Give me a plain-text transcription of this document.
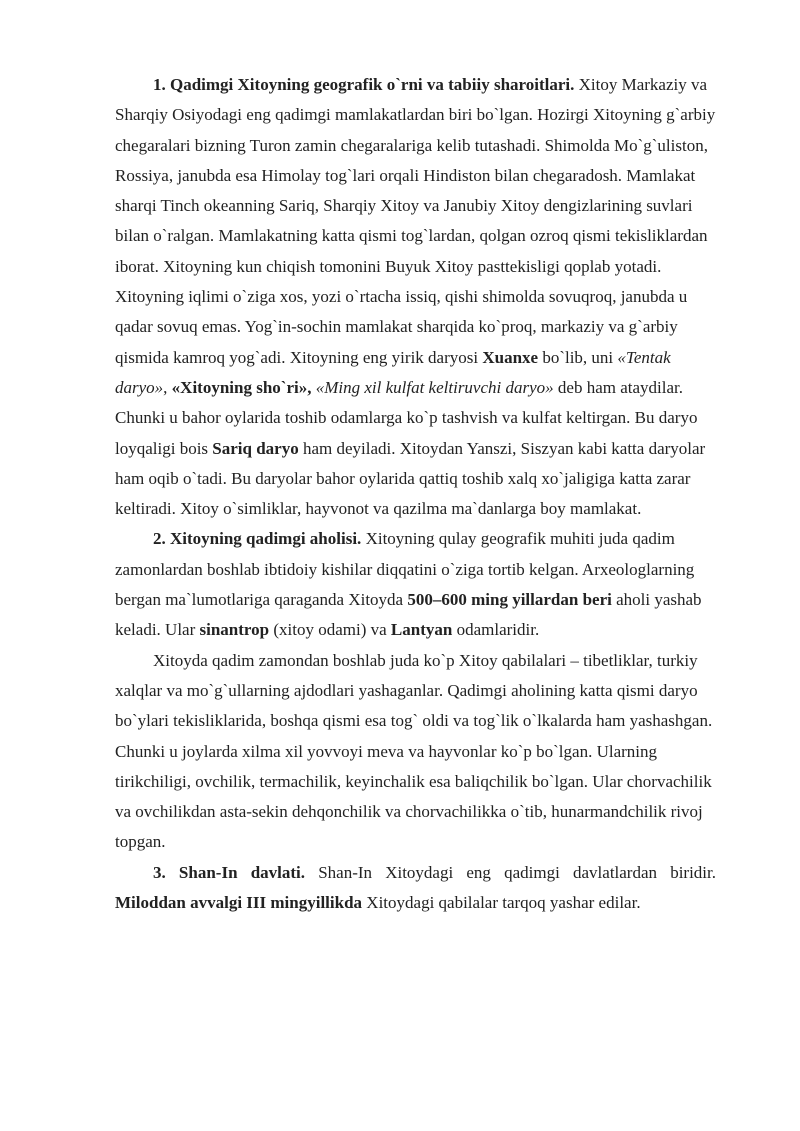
1. Qadimgi Xitoyning geografik o`rni va tabiiy sharoitlari. Xitoy Markaziy va Sharqiy Osiyodagi eng qadimgi mamlakatlardan biri bo`lgan. Hozirgi Xitoyning g`arbiy chegaralari bizning Turon zamin chegaralariga kelib tutashadi. Shimolda Mo`g`uliston, Rossiya, janubda esa Himolay tog`lari orqali Hindiston bilan chegaradosh. Mamlakat sharqi Tinch okeanning Sariq, Sharqiy Xitoy va Janubiy Xitoy dengizlarining suvlari bilan o`ralgan. Mamlakatning katta qismi tog`lardan, qolgan ozroq qismi tekisliklardan iborat. Xitoyning kun chiqish tomonini Buyuk Xitoy pasttekisligi qoplab yotadi. Xitoyning iqlimi o`ziga xos, yozi o`rtacha issiq, qishi shimolda sovuqroq, janubda u qadar sovuq emas. Yog`in-sochin mamlakat sharqida ko`proq, markaziy va g`arbiy qismida kamroq yog`adi. Xitoyning eng yirik daryosi Xuanxe bo`lib, uni «Tentak daryo», «Xitoyning sho`ri», «Ming xil kulfat keltiruvchi daryo» deb ham ataydilar. Chunki u bahor oylarida toshib odamlarga ko`p tashvish va kulfat keltirgan. Bu daryo loyqaligi bois Sariq daryo ham deyiladi. Xitoydan Yanszi, Siszyan kabi katta daryolar ham oqib o`tadi. Bu daryolar bahor oylarida qattiq toshib xalq xo`jaligiga katta zarar keltiradi. Xitoy o`simliklar, hayvonot va qazilma ma`danlarga boy mamlakat.

2. Xitoyning qadimgi aholisi. Xitoyning qulay geografik muhiti juda qadim zamonlardan boshlab ibtidoiy kishilar diqqatini o`ziga tortib kelgan. Arxeologlarning bergan ma`lumotlariga qaraganda Xitoyda 500–600 ming yillardan beri aholi yashab keladi. Ular sinantrop (xitoy odami) va Lantyan odamlaridir.

Xitoyda qadim zamondan boshlab juda ko`p Xitoy qabilalari – tibetliklar, turkiy xalqlar va mo`g`ullarning ajdodlari yashaganlar. Qadimgi aholining katta qismi daryo bo`ylari tekisliklarida, boshqa qismi esa tog` oldi va tog`lik o`lkalarda ham yashashgan. Chunki u joylarda xilma xil yovvoyi meva va hayvonlar ko`p bo`lgan. Ularning tirikchiligi, ovchilik, termachilik, keyinchalik esa baliqchilik bo`lgan. Ular chorvachilik va ovchilikdan asta-sekin dehqonchilik va chorvachilikka o`tib, hunarmandchilik rivoj topgan.

3. Shan-In davlati. Shan-In Xitoydagi eng qadimgi davlatlardan biridir. Miloddan avvalgi III mingyillikda Xitoydagi qabilalar tarqoq yashar edilar.
